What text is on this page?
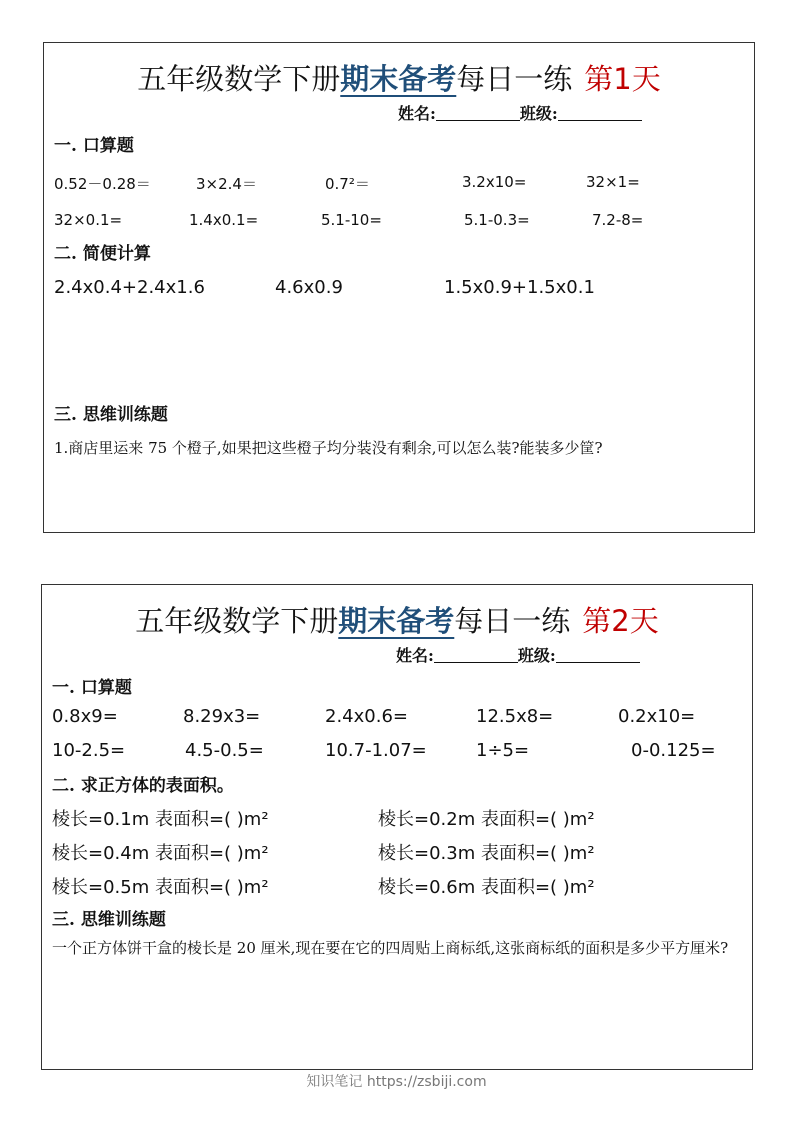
五年级数学下册期末备考每日一练 第1天
姓名:	班级:
一. 口算题
0.52－0.28＝	3×2.4＝	0.7²＝	3.2x10=	32×1=
32×0.1=	1.4x0.1=	5.1-10=	5.1-0.3=	7.2-8=
二. 简便计算
2.4x0.4+2.4x1.6	4.6x0.9	1.5x0.9+1.5x0.1
三. 思维训练题
1.商店里运来 75 个橙子,如果把这些橙子均分装没有剩余,可以怎么装?能装多少筐?
五年级数学下册期末备考每日一练 第2天
姓名:	班级:
一. 口算题
0.8x9=	8.29x3=	2.4x0.6=	12.5x8=	0.2x10=
10-2.5=	4.5-0.5=	10.7-1.07=	1÷5=	0-0.125=
二. 求正方体的表面积。
棱长=0.1m 表面积=( )m²	棱长=0.2m 表面积=( )m²
棱长=0.4m 表面积=( )m²	棱长=0.3m 表面积=( )m²
棱长=0.5m 表面积=( )m²	棱长=0.6m 表面积=( )m²
三. 思维训练题
一个正方体饼干盒的棱长是 20 厘米,现在要在它的四周贴上商标纸,这张商标纸的面积是多少平方厘米?
知识笔记 https://zsbiji.com
